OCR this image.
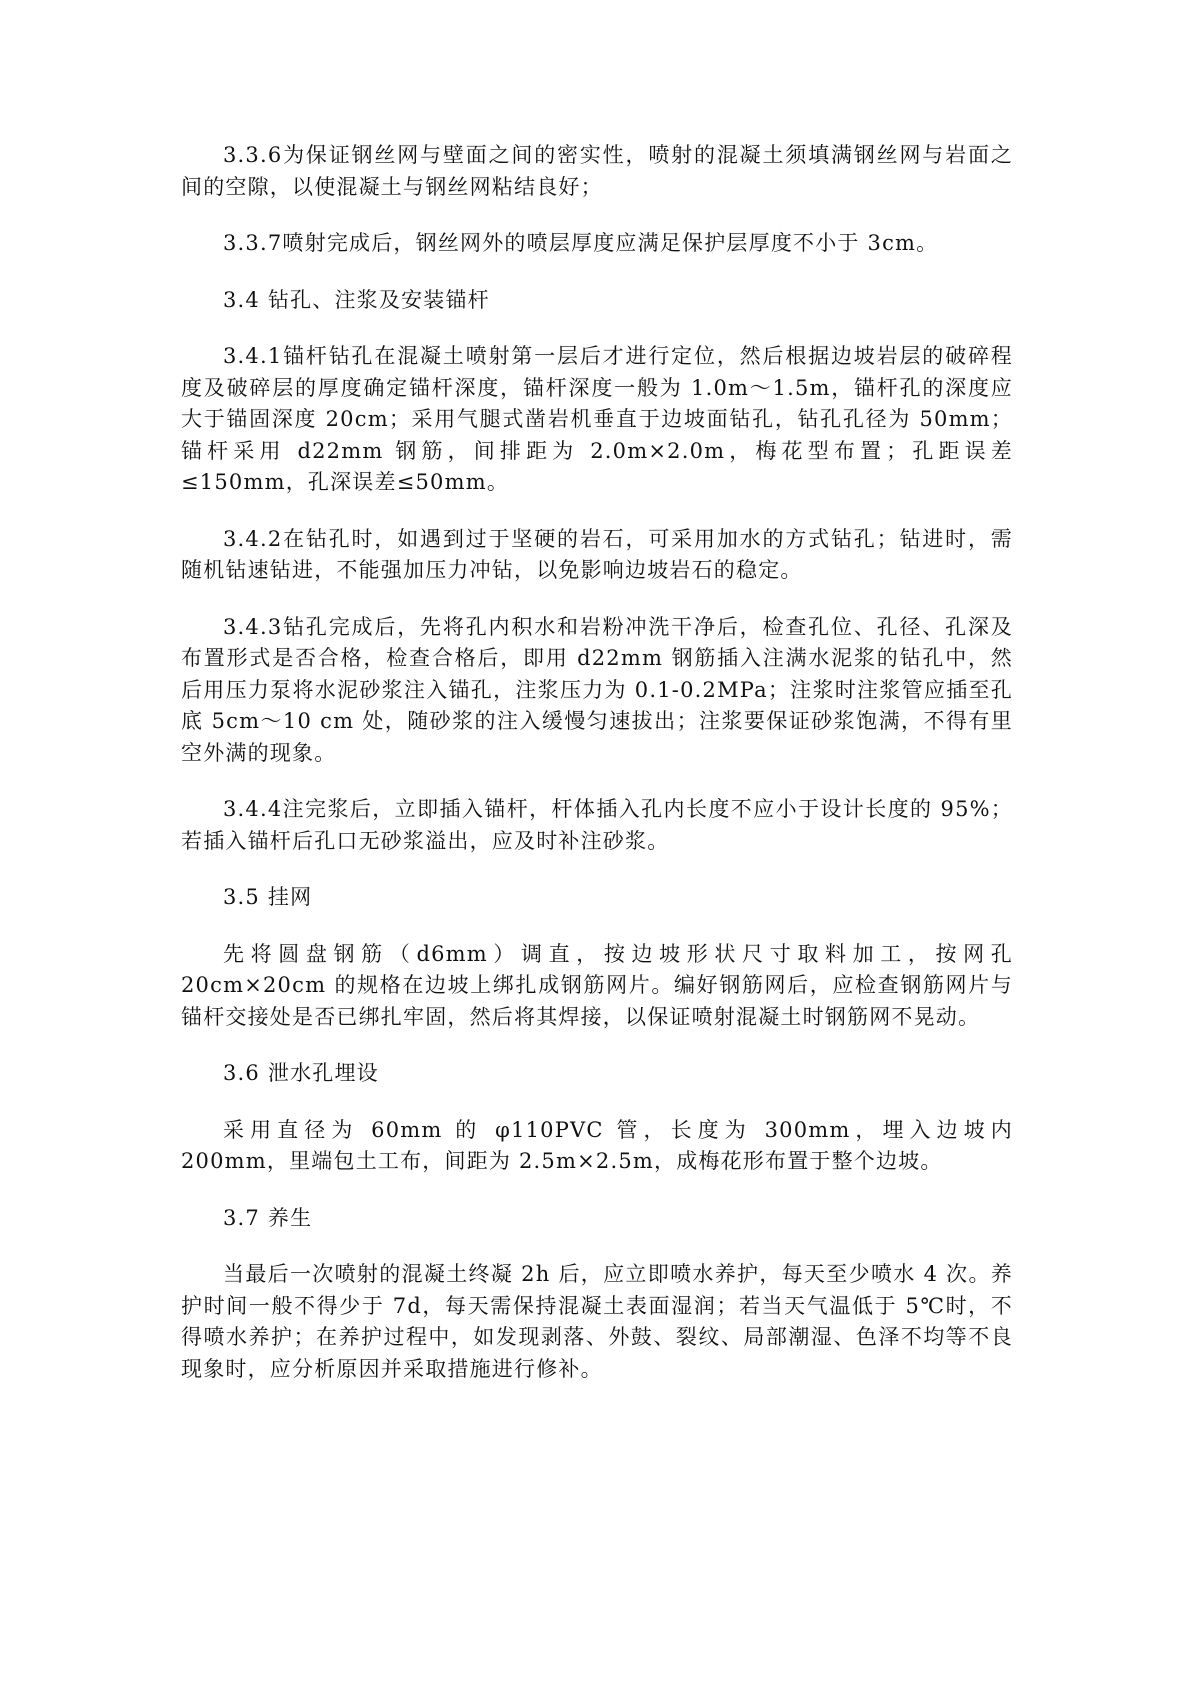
3.3.6为保证钢丝网与壁面之间的密实性，喷射的混凝土须填满钢丝网与岩面之间的空隙，以使混凝土与钢丝网粘结良好；

3.3.7喷射完成后，钢丝网外的喷层厚度应满足保护层厚度不小于 3cm。

3.4 钻孔、注浆及安装锚杆

3.4.1锚杆钻孔在混凝土喷射第一层后才进行定位，然后根据边坡岩层的破碎程度及破碎层的厚度确定锚杆深度，锚杆深度一般为 1.0m～1.5m，锚杆孔的深度应大于锚固深度 20cm；采用气腿式凿岩机垂直于边坡面钻孔，钻孔孔径为 50mm；锚杆采用 d22mm 钢筋，间排距为 2.0m×2.0m，梅花型布置；孔距误差≤150mm，孔深误差≤50mm。

3.4.2在钻孔时，如遇到过于坚硬的岩石，可采用加水的方式钻孔；钻进时，需随机钻速钻进，不能强加压力冲钻，以免影响边坡岩石的稳定。

3.4.3钻孔完成后，先将孔内积水和岩粉冲洗干净后，检查孔位、孔径、孔深及布置形式是否合格，检查合格后，即用 d22mm 钢筋插入注满水泥浆的钻孔中，然后用压力泵将水泥砂浆注入锚孔，注浆压力为 0.1-0.2MPa；注浆时注浆管应插至孔底 5cm～10 cm 处，随砂浆的注入缓慢匀速拔出；注浆要保证砂浆饱满，不得有里空外满的现象。

3.4.4注完浆后，立即插入锚杆，杆体插入孔内长度不应小于设计长度的 95%；若插入锚杆后孔口无砂浆溢出，应及时补注砂浆。

3.5 挂网

先将圆盘钢筋（d6mm）调直，按边坡形状尺寸取料加工，按网孔 20cm×20cm 的规格在边坡上绑扎成钢筋网片。编好钢筋网后，应检查钢筋网片与锚杆交接处是否已绑扎牢固，然后将其焊接，以保证喷射混凝土时钢筋网不晃动。

3.6 泄水孔埋设

采用直径为 60mm 的 φ110PVC 管，长度为 300mm，埋入边坡内 200mm，里端包土工布，间距为 2.5m×2.5m，成梅花形布置于整个边坡。

3.7 养生

当最后一次喷射的混凝土终凝 2h 后，应立即喷水养护，每天至少喷水 4 次。养护时间一般不得少于 7d，每天需保持混凝土表面湿润；若当天气温低于 5℃时，不得喷水养护；在养护过程中，如发现剥落、外鼓、裂纹、局部潮湿、色泽不均等不良现象时，应分析原因并采取措施进行修补。
